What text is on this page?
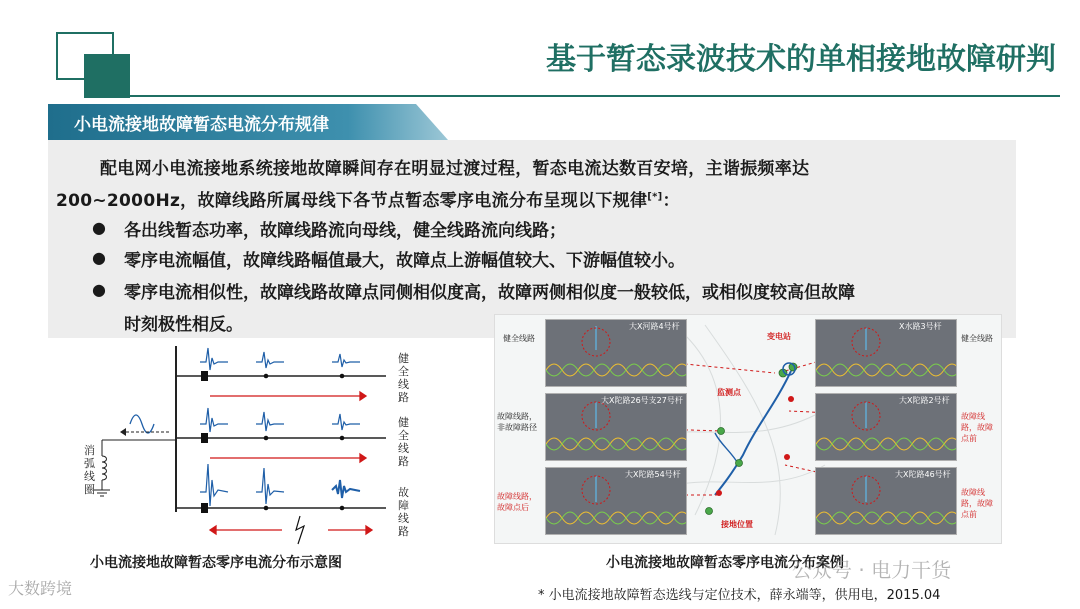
基于暂态录波技术的单相接地故障研判
小电流接地故障暂态电流分布规律
配电网小电流接地系统接地故障瞬间存在明显过渡过程，暂态电流达数百安培，主谐振频率达
200~2000Hz，故障线路所属母线下各节点暂态零序电流分布呈现以下规律[*]：
● 各出线暂态功率，故障线路流向母线，健全线路流向线路；
● 零序电流幅值，故障线路幅值最大，故障点上游幅值较大、下游幅值较小。
● 零序电流相似性，故障线路故障点同侧相似度高，故障两侧相似度一般较低，或相似度较高但故障
时刻极性相反。
消弧线圈
健全线路
健全线路
故障线路
小电流接地故障暂态零序电流分布示意图
大X河路4号杆	X水路3号杆
大X陀路26号支27号杆	大X陀路2号杆
大X陀路54号杆	大X陀路46号杆
健全线路	健全线路
故障线路，非故障路径
故障线路，故障点前
故障线路，故障点后
故障线路，故障点前
变电站
监测点
接地位置
小电流接地故障暂态零序电流分布案例
* 小电流接地故障暂态选线与定位技术，薛永端等，供用电，2015.04
大数跨境
公众号 · 电力干货
